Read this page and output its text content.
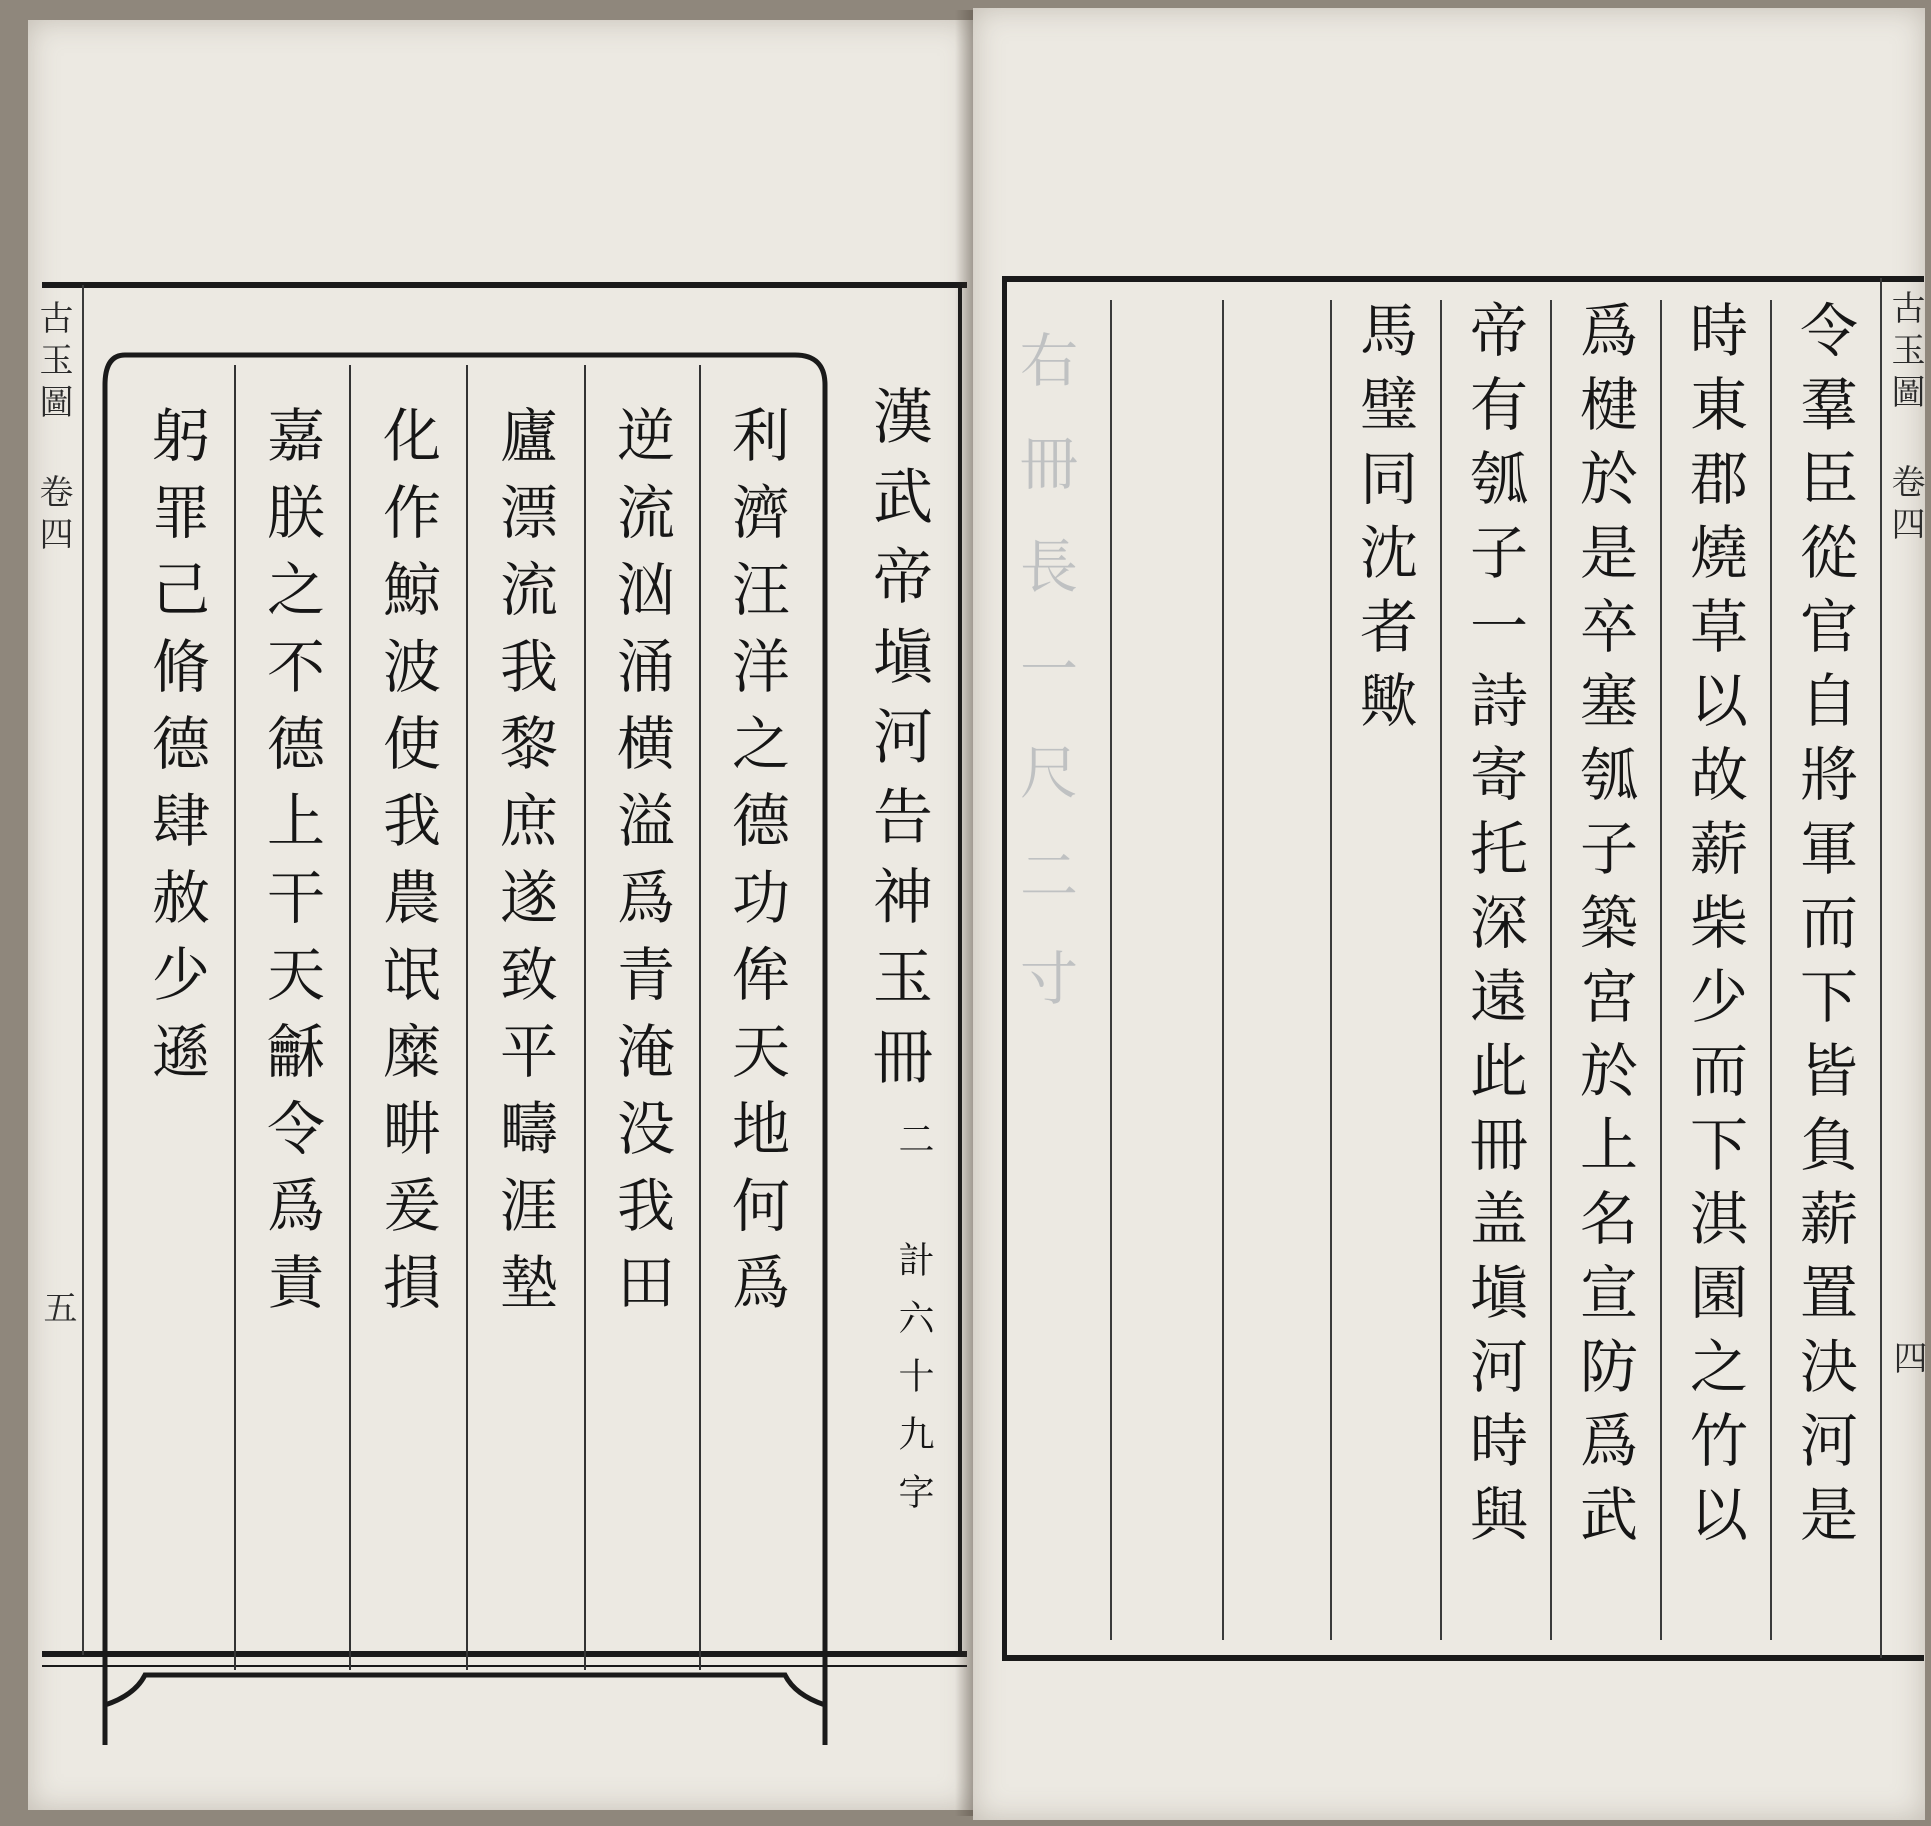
古玉圖 卷四
五	利濟汪洋之德功侔天地何爲
逆流汹涌横溢爲青淹没我田
廬漂流我黎庶遂致平疇涯墊
化作鯨波使我農氓糜畊爰損
嘉朕之不德上干天龢令爲責
躬罪己脩德肆赦少遜	漢武帝塡河告神玉冊
二 計六十九字
右冊長一尺二寸	令羣臣從官自將軍而下皆負薪置決河是
時東郡燒草以故薪柴少而下淇園之竹以
爲楗於是卒塞瓠子築宮於上名宣防爲武
帝有瓠子一詩寄托深遠此冊盖塡河時與
馬璧同沈者歟	古玉圖 卷四
四
